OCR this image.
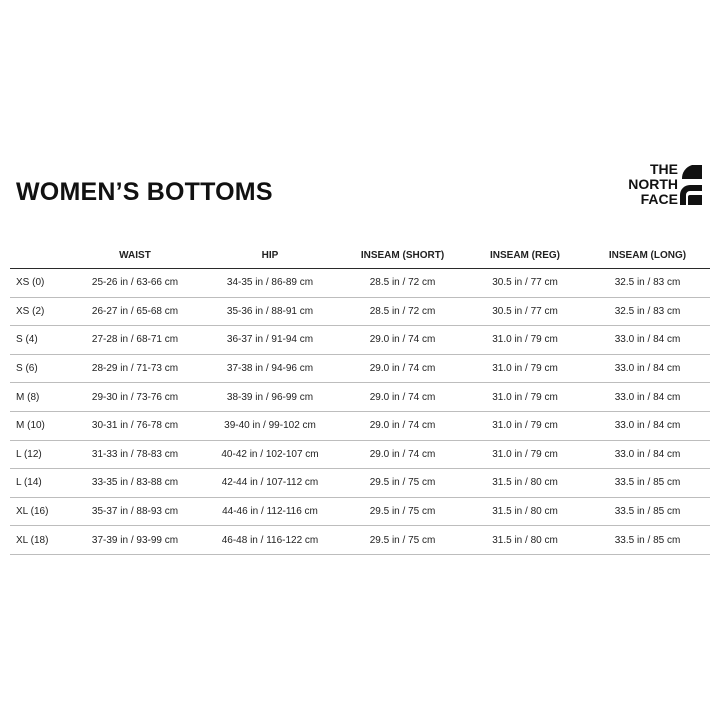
WOMEN’S BOTTOMS
THE
NORTH
FACE
	WAIST	HIP	INSEAM (SHORT)	INSEAM (REG)	INSEAM (LONG)
XS (0)	25-26 in / 63-66 cm	34-35 in / 86-89 cm	28.5 in / 72 cm	30.5 in / 77 cm	32.5 in / 83 cm
XS (2)	26-27 in / 65-68 cm	35-36 in / 88-91 cm	28.5 in / 72 cm	30.5 in / 77 cm	32.5 in / 83 cm
S (4)	27-28 in / 68-71 cm	36-37 in / 91-94 cm	29.0 in / 74 cm	31.0 in / 79 cm	33.0 in / 84 cm
S (6)	28-29 in / 71-73 cm	37-38 in / 94-96 cm	29.0 in / 74 cm	31.0 in / 79 cm	33.0 in / 84 cm
M (8)	29-30 in / 73-76 cm	38-39 in / 96-99 cm	29.0 in / 74 cm	31.0 in / 79 cm	33.0 in / 84 cm
M (10)	30-31 in / 76-78 cm	39-40 in / 99-102 cm	29.0 in / 74 cm	31.0 in / 79 cm	33.0 in / 84 cm
L (12)	31-33 in / 78-83 cm	40-42 in / 102-107 cm	29.0 in / 74 cm	31.0 in / 79 cm	33.0 in / 84 cm
L (14)	33-35 in / 83-88 cm	42-44 in / 107-112 cm	29.5 in / 75 cm	31.5 in / 80 cm	33.5 in / 85 cm
XL (16)	35-37 in / 88-93 cm	44-46 in / 112-116 cm	29.5 in / 75 cm	31.5 in / 80 cm	33.5 in / 85 cm
XL (18)	37-39 in / 93-99 cm	46-48 in / 116-122 cm	29.5 in / 75 cm	31.5 in / 80 cm	33.5 in / 85 cm
